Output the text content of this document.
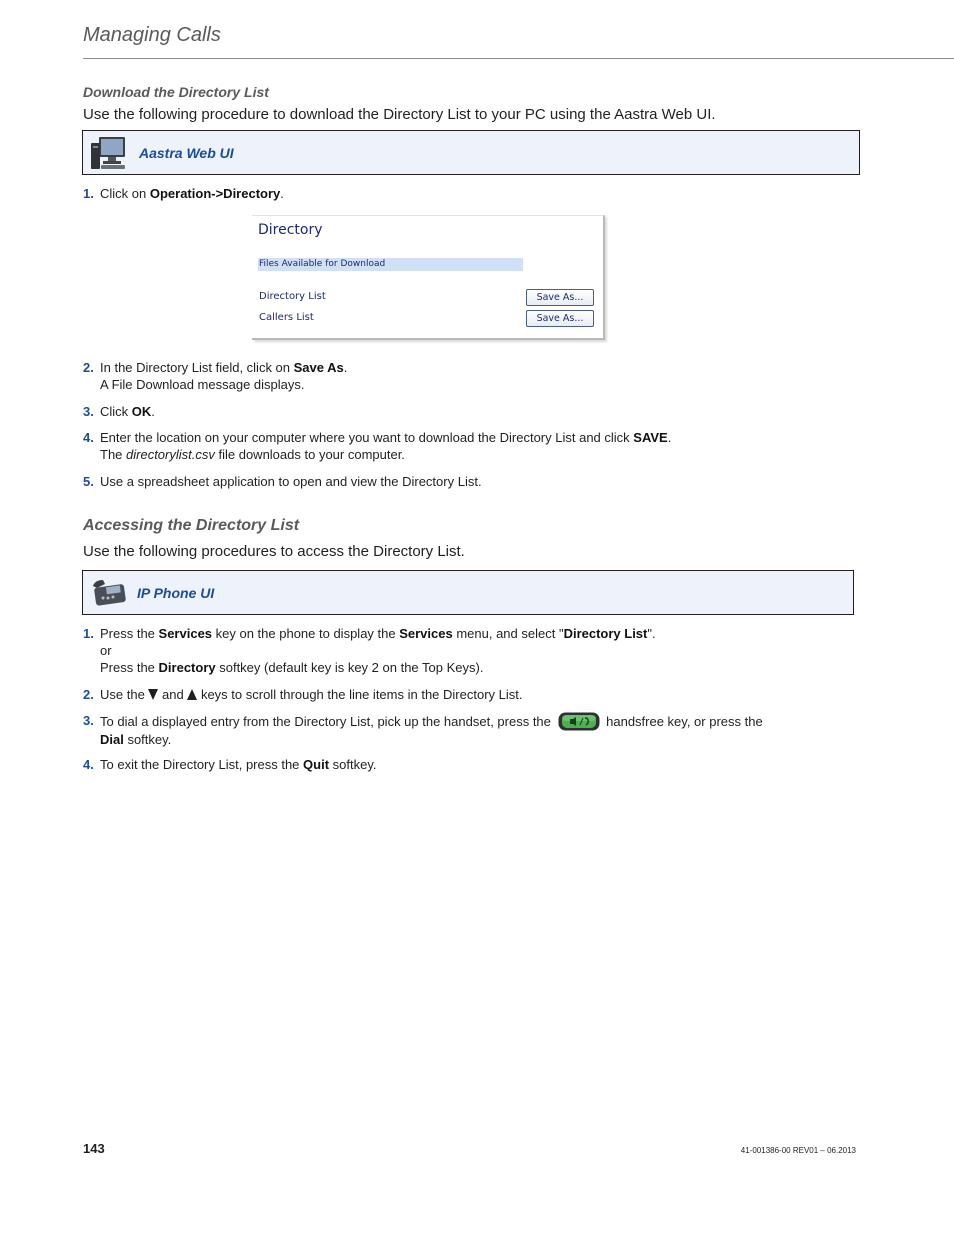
Managing Calls
Download the Directory List
Use the following procedure to download the Directory List to your PC using the Aastra Web UI.
Aastra Web UI
1. Click on Operation->Directory.
Directory
Files Available for Download
Directory List	Save As...
Callers List	Save As...
2. In the Directory List field, click on Save As.
A File Download message displays.
3. Click OK.
4. Enter the location on your computer where you want to download the Directory List and click SAVE.
The directorylist.csv file downloads to your computer.
5. Use a spreadsheet application to open and view the Directory List.
Accessing the Directory List
Use the following procedures to access the Directory List.
IP Phone UI
1. Press the Services key on the phone to display the Services menu, and select "Directory List".
or
Press the Directory softkey (default key is key 2 on the Top Keys).
2. Use the  and  keys to scroll through the line items in the Directory List.
3. To dial a displayed entry from the Directory List, pick up the handset, press the	handsfree key, or press the
Dial softkey.
4. To exit the Directory List, press the Quit softkey.
143	41-001386-00 REV01 – 06.2013
